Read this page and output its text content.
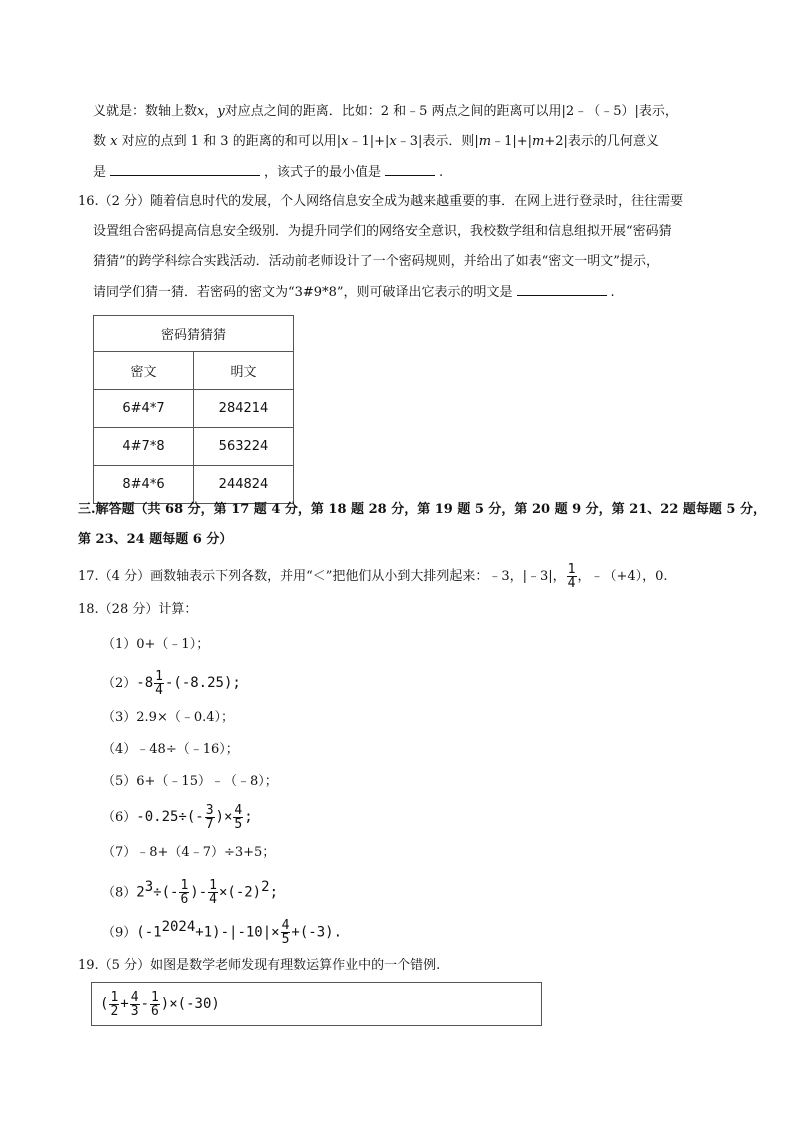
义就是：数轴上数x，y对应点之间的距离．比如：2 和﹣5 两点之间的距离可以用|2﹣（﹣5）|表示，
数 x 对应的点到 1 和 3 的距离的和可以用|x﹣1|+|x﹣3|表示．则|m﹣1|+|m+2|表示的几何意义
是	，该式子的最小值是	.
16.（2 分）随着信息时代的发展，个人网络信息安全成为越来越重要的事．在网上进行登录时，往往需要
设置组合密码提高信息安全级别．为提升同学们的网络安全意识，我校数学组和信息组拟开展“密码猜
猜猜”的跨学科综合实践活动．活动前老师设计了一个密码规则，并给出了如表“密文一明文”提示，
请同学们猜一猜．若密码的密文为“3#9*8”，则可破译出它表示的明文是	.
密码猜猜猜	
密文	明文
6#4*7	284214
4#7*8	563224
8#4*6	244824
三.解答题（共 68 分，第 17 题 4 分，第 18 题 28 分，第 19 题 5 分，第 20 题 9 分，第 21、22 题每题 5 分，
第 23、24 题每题 6 分）
17.（4 分）画数轴表示下列各数，并用“＜”把他们从小到大排列起来：﹣3，|﹣3|， $\frac{1}{4}$ ，﹣（+4），0.
18.（28 分）计算：
（1）0+（﹣1）；
$(2)-8 \frac{1}{4} -(-8.25)$;
（3）2.9×（﹣0.4）；
（4）﹣48÷（﹣16）；
（5）6+（﹣15）﹣（﹣8）；
$(6)-0.25\div(- \frac{3}{7}$ )× $\frac{4}{5}$ ;
（7）﹣8+（4﹣7）÷3+5；
$(8)2^3\div(- \frac{1}{6}$ )- $\frac{1}{4} \times(-2)^2$;
$(9)(-1^{2024}+1)-|-10|\times \frac{4}{5} +(-3)$.
19.（5 分）如图是数学老师发现有理数运算作业中的一个错例.
( $\frac{1}{2} + \frac{4}{3} - \frac{1}{6} )\times(-30)$
